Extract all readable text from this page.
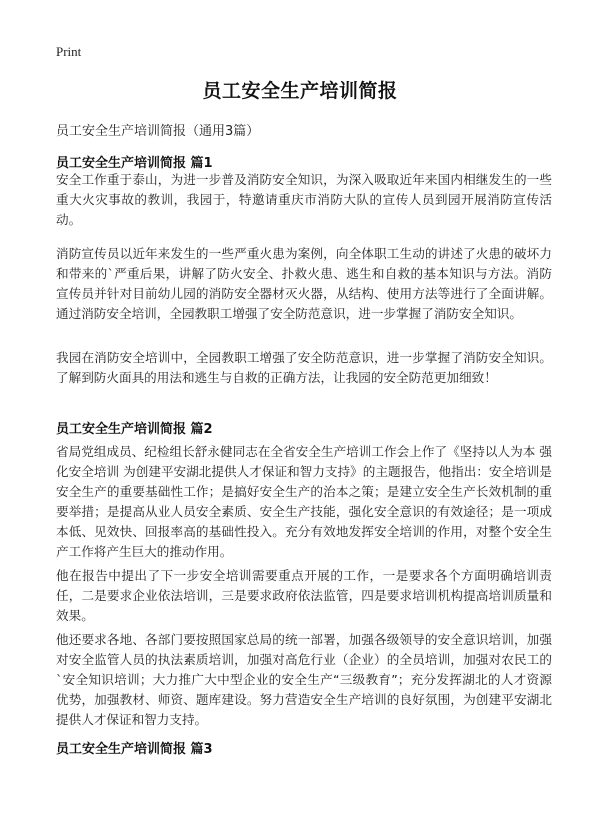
Print
员工安全生产培训简报
员工安全生产培训简报（通用3篇）
员工安全生产培训简报 篇1

安全工作重于泰山，为进一步普及消防安全知识，为深入吸取近年来国内相继发生的一些重大火灾事故的教训，我园于，特邀请重庆市消防大队的宣传人员到园开展消防宣传活动。

消防宣传员以近年来发生的一些严重火患为案例，向全体职工生动的讲述了火患的破坏力和带来的`严重后果，讲解了防火安全、扑救火患、逃生和自救的基本知识与方法。消防宣传员并针对目前幼儿园的消防安全器材灭火器，从结构、使用方法等进行了全面讲解。通过消防安全培训，全园教职工增强了安全防范意识，进一步掌握了消防安全知识。

我园在消防安全培训中，全园教职工增强了安全防范意识，进一步掌握了消防安全知识。了解到防火面具的用法和逃生与自救的正确方法，让我园的安全防范更加细致！

员工安全生产培训简报 篇2

省局党组成员、纪检组长舒永健同志在全省安全生产培训工作会上作了《坚持以人为本 强化安全培训 为创建平安湖北提供人才保证和智力支持》的主题报告，他指出：安全培训是安全生产的重要基础性工作；是搞好安全生产的治本之策；是建立安全生产长效机制的重要举措；是提高从业人员安全素质、安全生产技能，强化安全意识的有效途径；是一项成本低、见效快、回报率高的基础性投入。充分有效地发挥安全培训的作用，对整个安全生产工作将产生巨大的推动作用。

他在报告中提出了下一步安全培训需要重点开展的工作，一是要求各个方面明确培训责任，二是要求企业依法培训，三是要求政府依法监管，四是要求培训机构提高培训质量和效果。

他还要求各地、各部门要按照国家总局的统一部署，加强各级领导的安全意识培训，加强对安全监管人员的执法素质培训，加强对高危行业（企业）的全员培训，加强对农民工的`安全知识培训；大力推广大中型企业的安全生产“三级教育”；充分发挥湖北的人才资源优势，加强教材、师资、题库建设。努力营造安全生产培训的良好氛围，为创建平安湖北提供人才保证和智力支持。

员工安全生产培训简报 篇3
